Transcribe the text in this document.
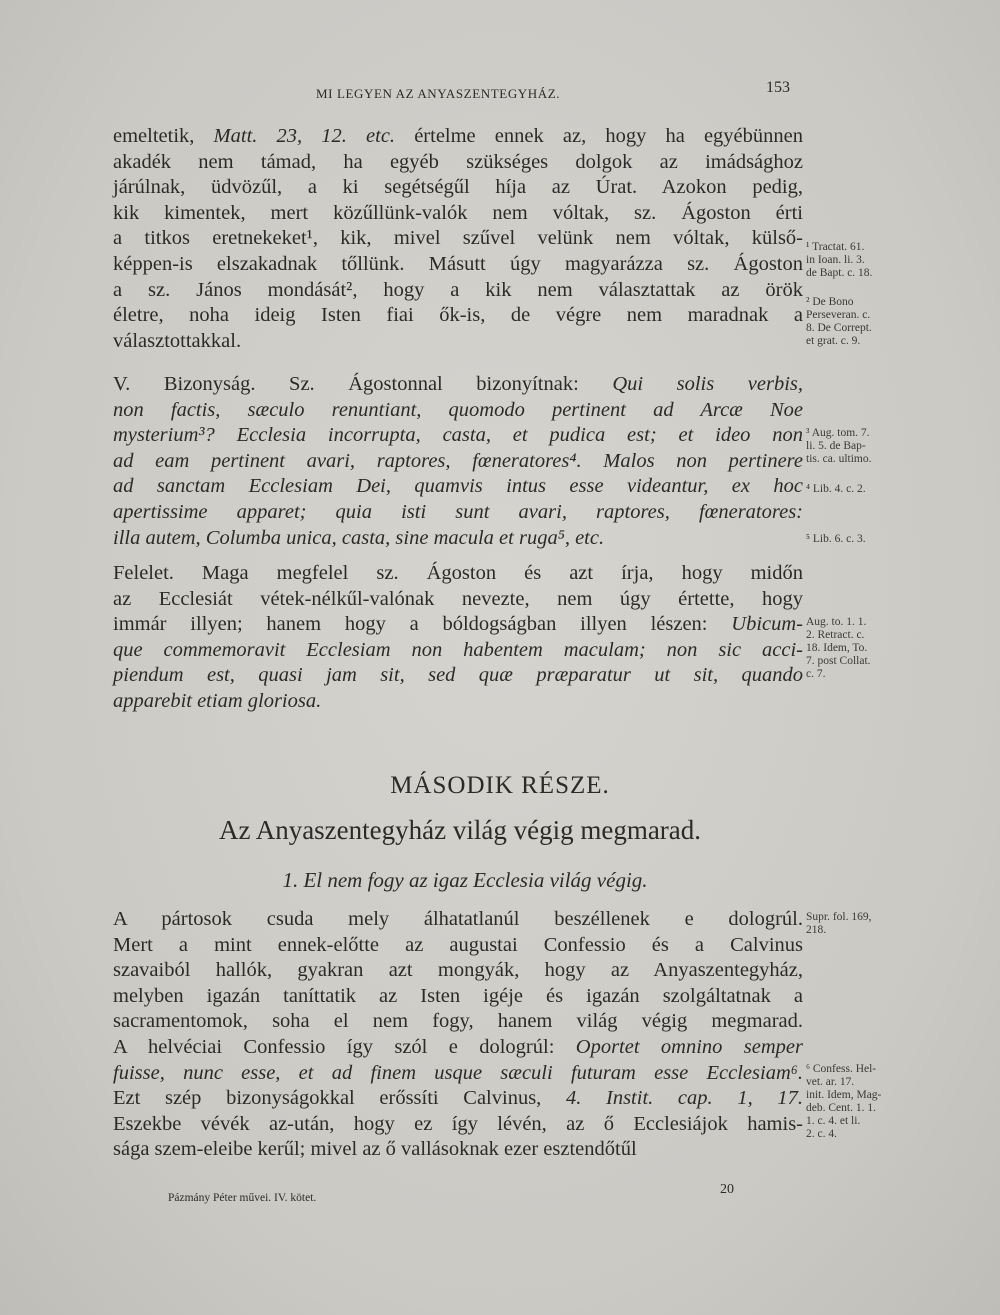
MI LEGYEN AZ ANYASZENTEGYHÁZ.	153
emeltetik, Matt. 23, 12. etc. értelme ennek az, hogy ha egyébünnen
akadék nem támad, ha egyéb szükséges dolgok az imádsághoz
járúlnak, üdvözűl, a ki segétségűl híja az Úrat. Azokon pedig,
kik kimentek, mert közűllünk-valók nem vóltak, sz. Ágoston érti
a titkos eretnekeket¹, kik, mivel szűvel velünk nem vóltak, külső-
képpen-is elszakadnak tőllünk. Másutt úgy magyarázza sz. Ágoston
a sz. János mondását², hogy a kik nem választattak az örök
életre, noha ideig Isten fiai ők-is, de végre nem maradnak a
választottakkal.
V. Bizonyság. Sz. Ágostonnal bizonyítnak: Qui solis verbis,
non factis, sæculo renuntiant, quomodo pertinent ad Arcæ Noe
mysterium³? Ecclesia incorrupta, casta, et pudica est; et ideo non
ad eam pertinent avari, raptores, fœneratores⁴. Malos non pertinere
ad sanctam Ecclesiam Dei, quamvis intus esse videantur, ex hoc
apertissime apparet; quia isti sunt avari, raptores, fœneratores:
illa autem, Columba unica, casta, sine macula et ruga⁵, etc.
Felelet. Maga megfelel sz. Ágoston és azt írja, hogy midőn
az Ecclesiát vétek-nélkűl-valónak nevezte, nem úgy értette, hogy
immár illyen; hanem hogy a bóldogságban illyen lészen: Ubicum-
que commemoravit Ecclesiam non habentem maculam; non sic acci-
piendum est, quasi jam sit, sed quæ præparatur ut sit, quando
apparebit etiam gloriosa.
MÁSODIK RÉSZE.
Az Anyaszentegyház világ végig megmarad.
1. El nem fogy az igaz Ecclesia világ végig.
A pártosok csuda mely álhatatlanúl beszéllenek e dologrúl.
Mert a mint ennek-előtte az augustai Confessio és a Calvinus
szavaiból hallók, gyakran azt mongyák, hogy az Anyaszentegyház,
melyben igazán taníttatik az Isten igéje és igazán szolgáltatnak a
sacramentomok, soha el nem fogy, hanem világ végig megmarad.
A helvéciai Confessio így szól e dologrúl: Oportet omnino semper
fuisse, nunc esse, et ad finem usque sæculi futuram esse Ecclesiam⁶.
Ezt szép bizonyságokkal erőssíti Calvinus, 4. Instit. cap. 1, 17.
Eszekbe vévék az-után, hogy ez így lévén, az ő Ecclesiájok hamis-
sága szem-eleibe kerűl; mivel az ő vallásoknak ezer esztendőtűl
¹ Tractat. 61.
in Ioan. li. 3.
de Bapt. c. 18.
² De Bono
Perseveran. c.
8. De Corrept.
et grat. c. 9.
³ Aug. tom. 7.
li. 5. de Bap-
tis. ca. ultimo.
⁴ Lib. 4. c. 2.
⁵ Lib. 6. c. 3.
Aug. to. 1. 1.
2. Retract. c.
18. Idem, To.
7. post Collat.
c. 7.
Supr. fol. 169,
218.
⁶ Confess. Hel-
vet. ar. 17.
init. Idem, Mag-
deb. Cent. 1. 1.
1. c. 4. et li.
2. c. 4.
Pázmány Péter művei. IV. kötet.
20
